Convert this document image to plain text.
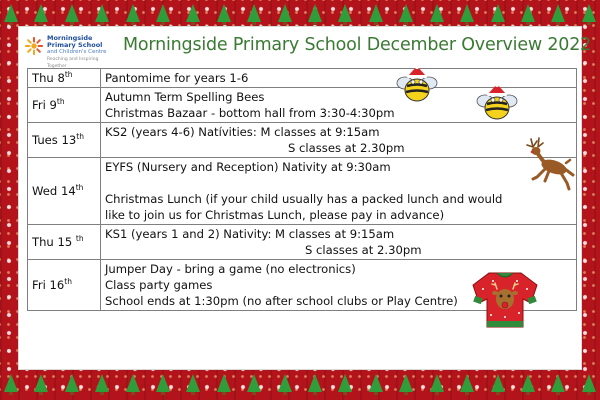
Morningside
Primary School
and Children's Centre
Reaching and Inspiring Together
Morningside Primary School December Overview 2022
Thu 8th	Pantomime for years 1-6

Fri 9th	Autumn Term Spelling Bees
Christmas Bazaar - bottom hall from 3:30-4:30pm

Tues 13th	KS2 (years 4-6) Natívities: M classes at 9:15am
S classes at 2.30pm

Wed 14th	EYFS (Nursery and Reception) Nativity at 9:30am
Christmas Lunch (if your child usually has a packed lunch and would
like to join us for Christmas Lunch, please pay in advance)

Thu 15 $^{th}$	KS1 (years 1 and 2) Nativity: M classes at 9:15am
S classes at 2.30pm

Fri 16th	Jumper Day - bring a game (no electronics)
Class party games
School ends at 1:30pm (no after school clubs or Play Centre)
